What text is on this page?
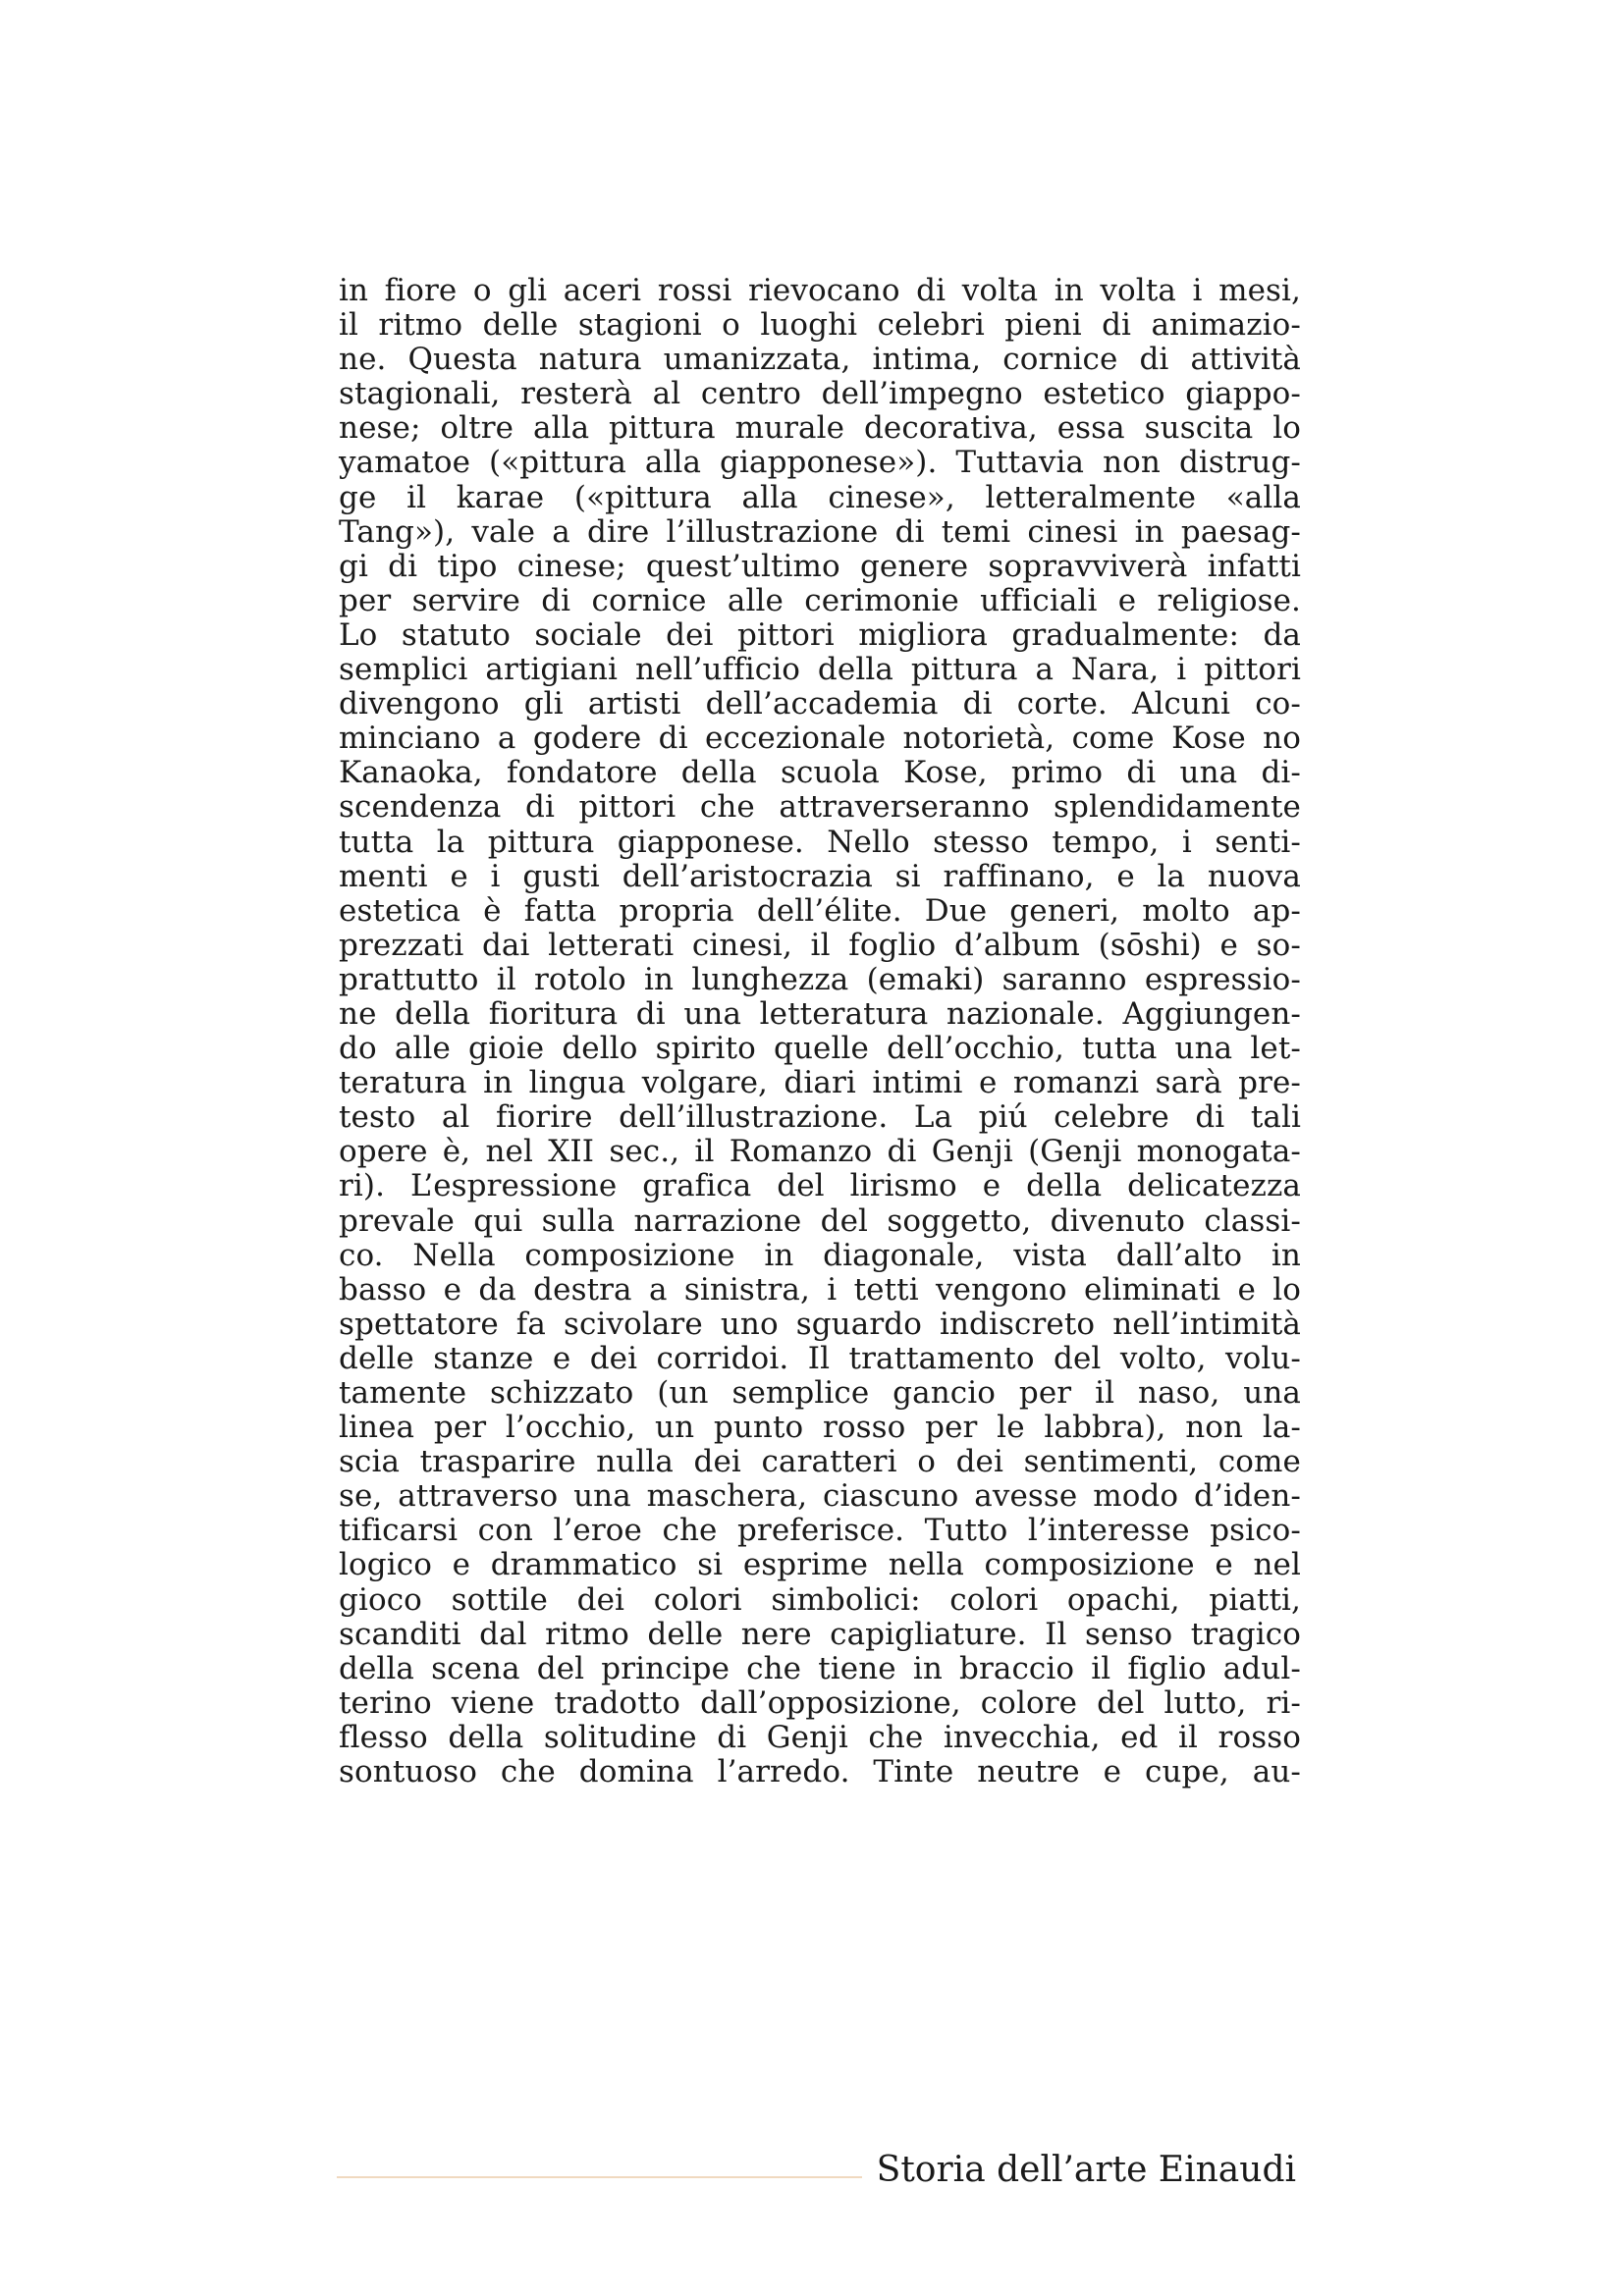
in fiore o gli aceri rossi rievocano di volta in volta i mesi,
il ritmo delle stagioni o luoghi celebri pieni di animazio-
ne. Questa natura umanizzata, intima, cornice di attività
stagionali, resterà al centro dell’impegno estetico giappo-
nese; oltre alla pittura murale decorativa, essa suscita lo
yamatoe («pittura alla giapponese»). Tuttavia non distrug-
ge il karae («pittura alla cinese», letteralmente «alla
Tang»), vale a dire l’illustrazione di temi cinesi in paesag-
gi di tipo cinese; quest’ultimo genere sopravviverà infatti
per servire di cornice alle cerimonie ufficiali e religiose.
Lo statuto sociale dei pittori migliora gradualmente: da
semplici artigiani nell’ufficio della pittura a Nara, i pittori
divengono gli artisti dell’accademia di corte. Alcuni co-
minciano a godere di eccezionale notorietà, come Kose no
Kanaoka, fondatore della scuola Kose, primo di una di-
scendenza di pittori che attraverseranno splendidamente
tutta la pittura giapponese. Nello stesso tempo, i senti-
menti e i gusti dell’aristocrazia si raffinano, e la nuova
estetica è fatta propria dell’élite. Due generi, molto ap-
prezzati dai letterati cinesi, il foglio d’album (sōshi) e so-
prattutto il rotolo in lunghezza (emaki) saranno espressio-
ne della fioritura di una letteratura nazionale. Aggiungen-
do alle gioie dello spirito quelle dell’occhio, tutta una let-
teratura in lingua volgare, diari intimi e romanzi sarà pre-
testo al fiorire dell’illustrazione. La piú celebre di tali
opere è, nel XII sec., il Romanzo di Genji (Genji monogata-
ri). L’espressione grafica del lirismo e della delicatezza
prevale qui sulla narrazione del soggetto, divenuto classi-
co. Nella composizione in diagonale, vista dall’alto in
basso e da destra a sinistra, i tetti vengono eliminati e lo
spettatore fa scivolare uno sguardo indiscreto nell’intimità
delle stanze e dei corridoi. Il trattamento del volto, volu-
tamente schizzato (un semplice gancio per il naso, una
linea per l’occhio, un punto rosso per le labbra), non la-
scia trasparire nulla dei caratteri o dei sentimenti, come
se, attraverso una maschera, ciascuno avesse modo d’iden-
tificarsi con l’eroe che preferisce. Tutto l’interesse psico-
logico e drammatico si esprime nella composizione e nel
gioco sottile dei colori simbolici: colori opachi, piatti,
scanditi dal ritmo delle nere capigliature. Il senso tragico
della scena del principe che tiene in braccio il figlio adul-
terino viene tradotto dall’opposizione, colore del lutto, ri-
flesso della solitudine di Genji che invecchia, ed il rosso
sontuoso che domina l’arredo. Tinte neutre e cupe, au-
Storia dell’arte Einaudi
